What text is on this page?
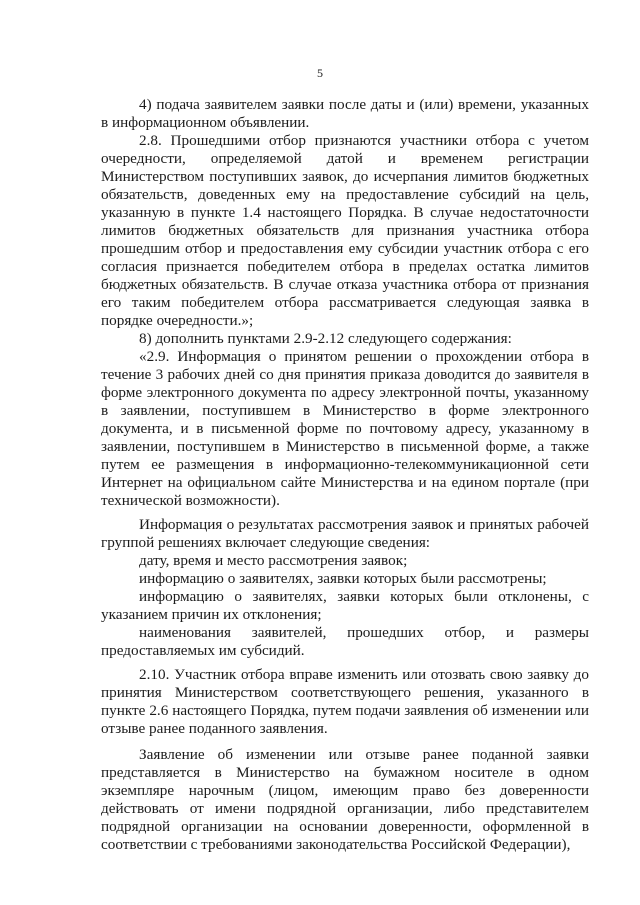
5

4) подача заявителем заявки после даты и (или) времени, указанных в информационном объявлении.

2.8. Прошедшими отбор признаются участники отбора с учетом очередности, определяемой датой и временем регистрации Министерством поступивших заявок, до исчерпания лимитов бюджетных обязательств, доведенных ему на предоставление субсидий на цель, указанную в пункте 1.4 настоящего Порядка. В случае недостаточности лимитов бюджетных обязательств для признания участника отбора прошедшим отбор и предоставления ему субсидии участник отбора с его согласия признается победителем отбора в пределах остатка лимитов бюджетных обязательств. В случае отказа участника отбора от признания его таким победителем отбора рассматривается следующая заявка в порядке очередности.»;

8) дополнить пунктами 2.9-2.12 следующего содержания:

«2.9. Информация о принятом решении о прохождении отбора в течение 3 рабочих дней со дня принятия приказа доводится до заявителя в форме электронного документа по адресу электронной почты, указанному в заявлении, поступившем в Министерство в форме электронного документа, и в письменной форме по почтовому адресу, указанному в заявлении, поступившем в Министерство в письменной форме, а также путем ее размещения в информационно-телекоммуникационной сети Интернет на официальном сайте Министерства и на едином портале (при технической возможности).

Информация о результатах рассмотрения заявок и принятых рабочей группой решениях включает следующие сведения:

дату, время и место рассмотрения заявок;

информацию о заявителях, заявки которых были рассмотрены;

информацию о заявителях, заявки которых были отклонены, с указанием причин их отклонения;

наименования заявителей, прошедших отбор, и размеры предоставляемых им субсидий.

2.10. Участник отбора вправе изменить или отозвать свою заявку до принятия Министерством соответствующего решения, указанного в пункте 2.6 настоящего Порядка, путем подачи заявления об изменении или отзыве ранее поданного заявления.

Заявление об изменении или отзыве ранее поданной заявки представляется в Министерство на бумажном носителе в одном экземпляре нарочным (лицом, имеющим право без доверенности действовать от имени подрядной организации, либо представителем подрядной организации на основании доверенности, оформленной в соответствии с требованиями законодательства Российской Федерации),
